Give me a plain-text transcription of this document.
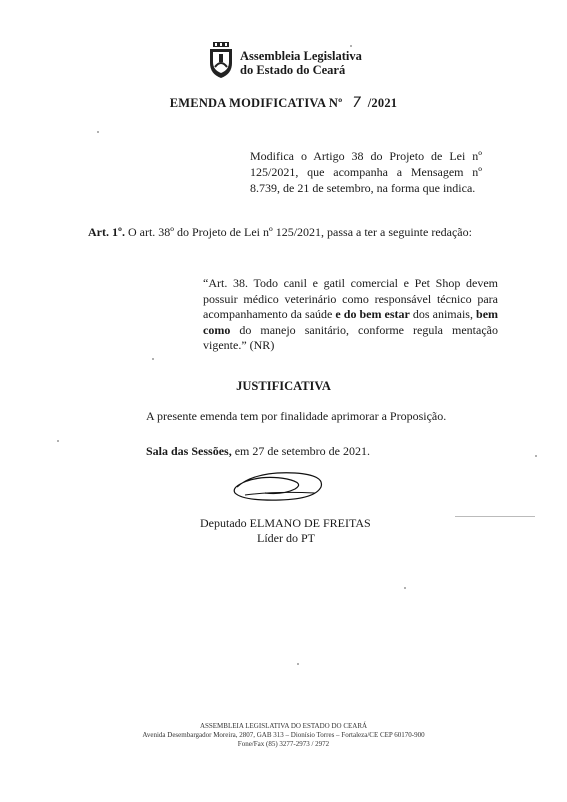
Assembleia Legislativa
do Estado do Ceará
EMENDA MODIFICATIVA Nº 7 /2021
Modifica o Artigo 38 do Projeto de Lei nº 125/2021, que acompanha a Mensagem nº 8.739, de 21 de setembro, na forma que indica.
Art. 1º. O art. 38º do Projeto de Lei nº 125/2021, passa a ter a seguinte redação:
“Art. 38. Todo canil e gatil comercial e Pet Shop devem possuir médico veterinário como responsável técnico para acompanhamento da saúde e do bem estar dos animais, bem como do manejo sanitário, conforme regula mentação vigente.” (NR)
JUSTIFICATIVA
A presente emenda tem por finalidade aprimorar a Proposição.
Sala das Sessões, em 27 de setembro de 2021.
Deputado ELMANO DE FREITAS
Líder do PT
ASSEMBLEIA LEGISLATIVA DO ESTADO DO CEARÁ
Avenida Desembargador Moreira, 2807, GAB 313 – Dionísio Torres – Fortaleza/CE CEP 60170-900
Fone/Fax (85) 3277-2973 / 2972
